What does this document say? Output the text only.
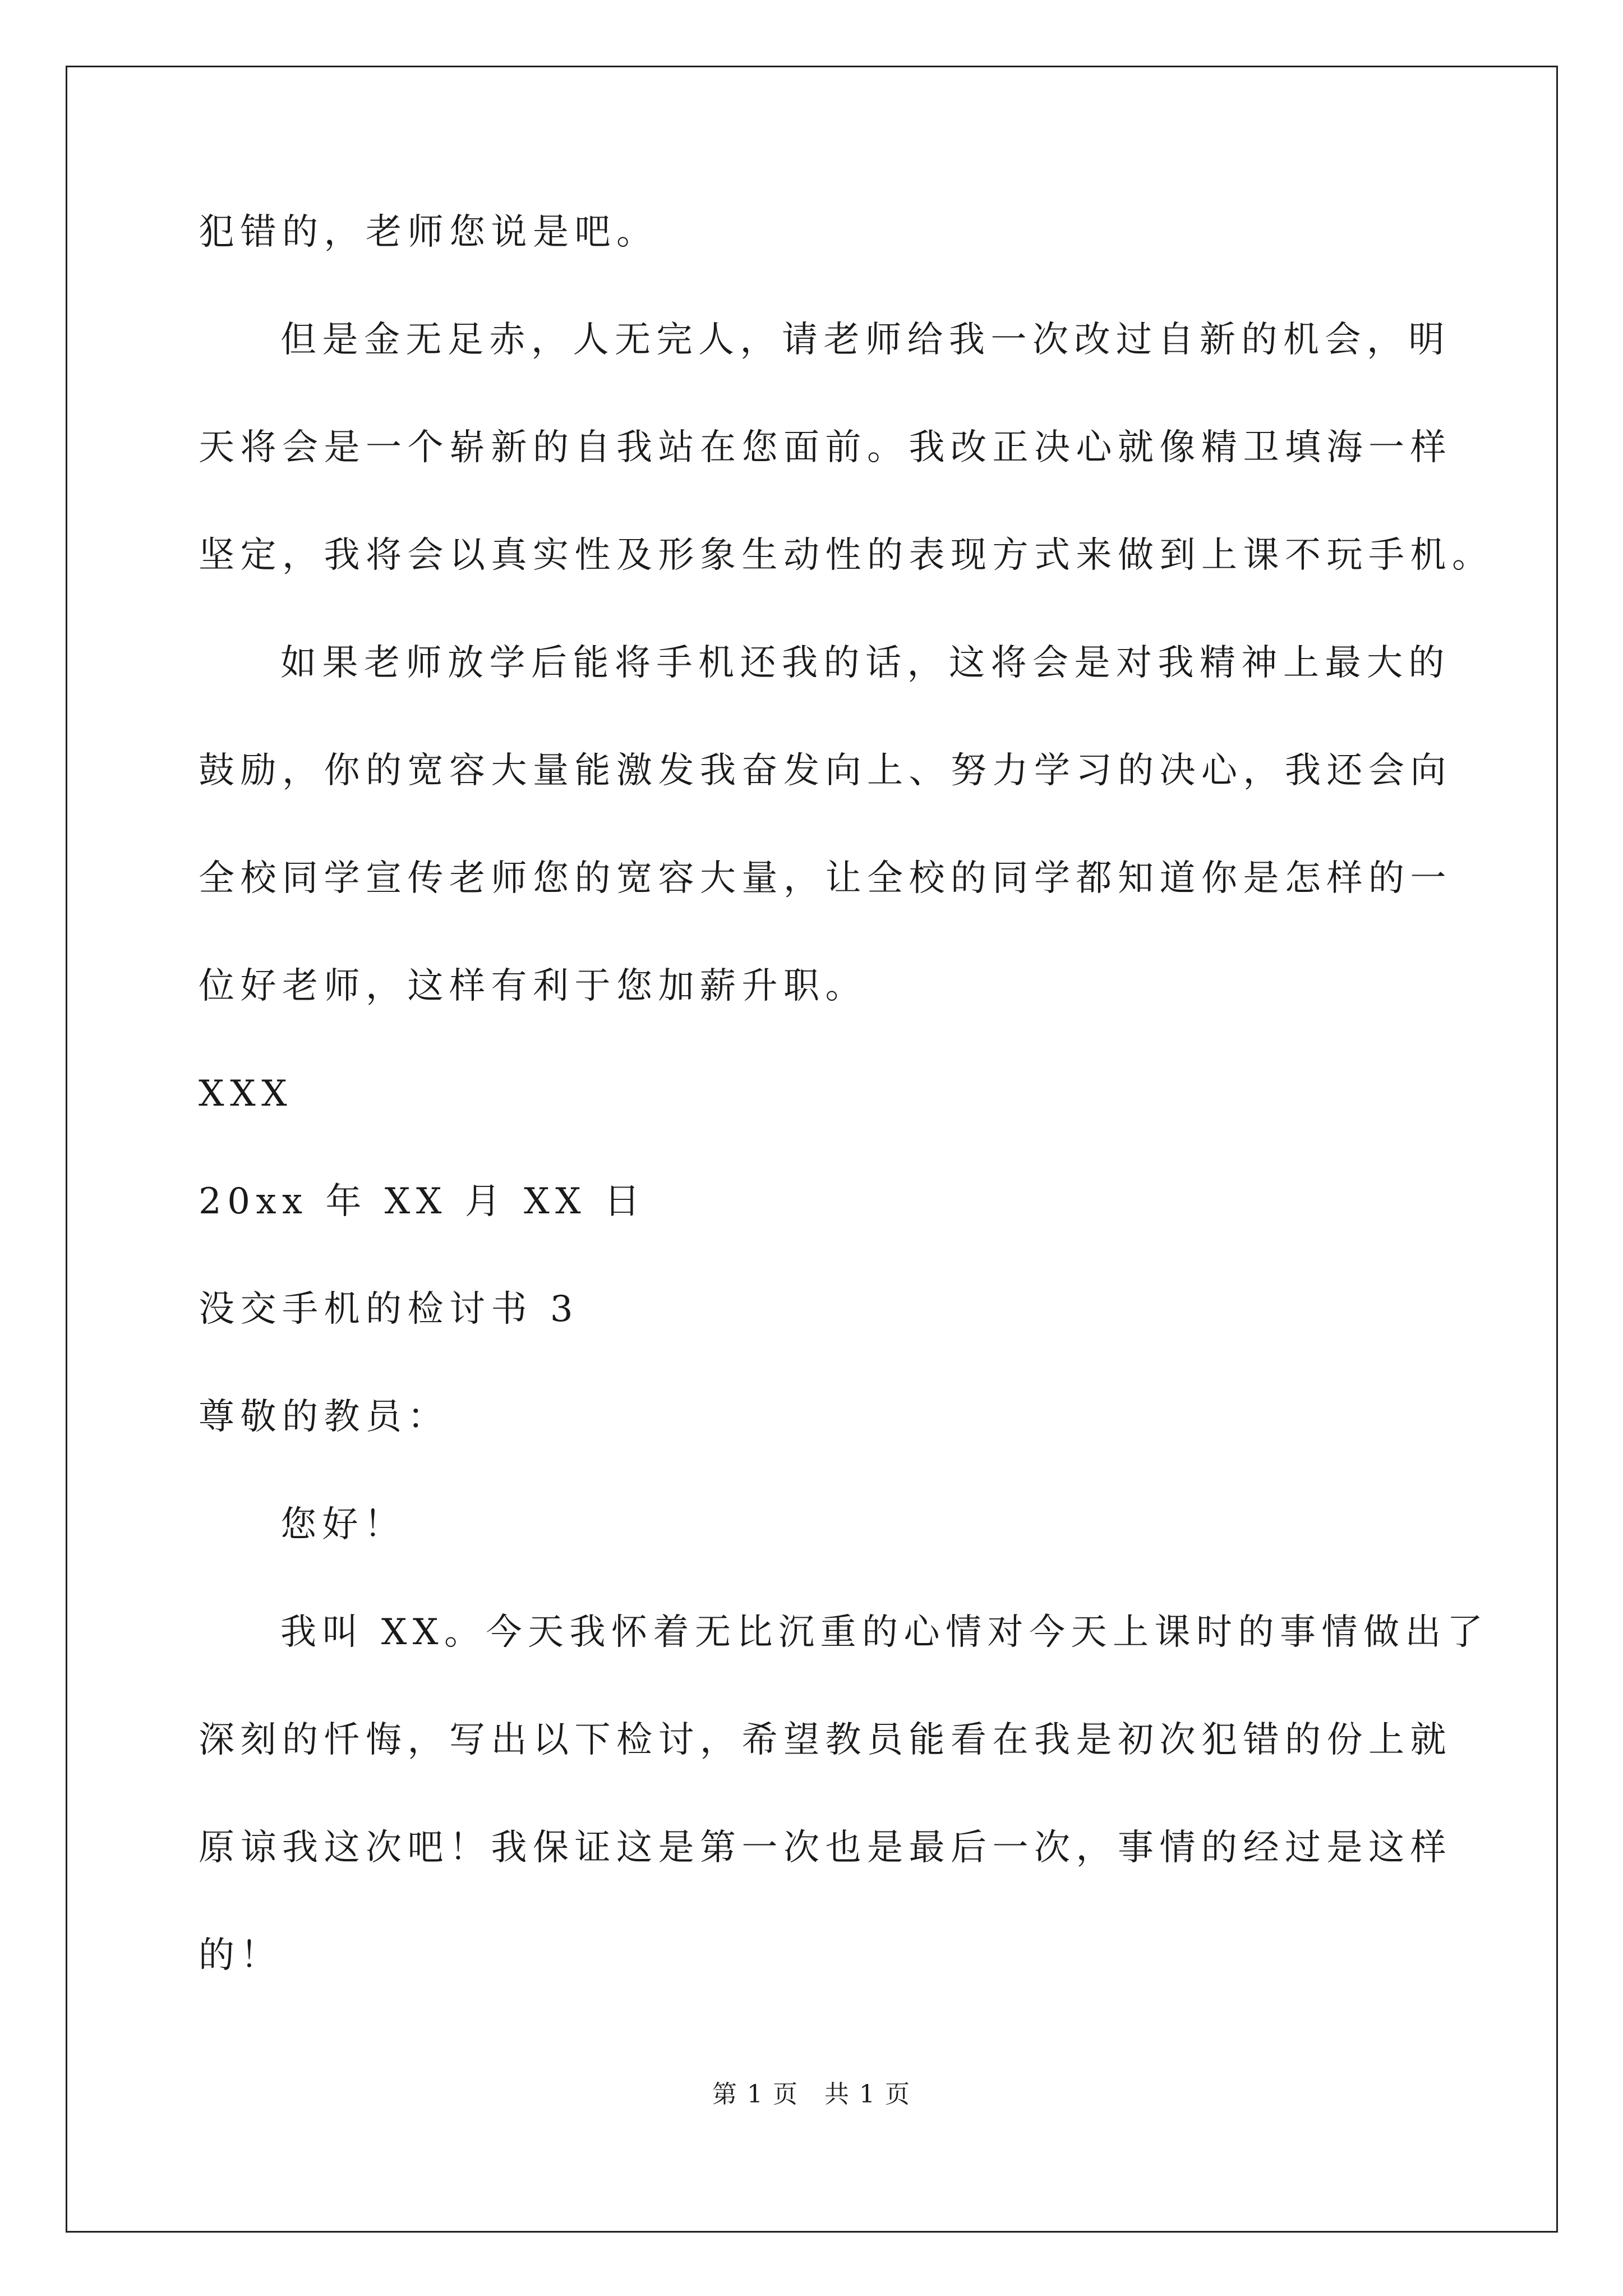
犯错的，老师您说是吧。
但是金无足赤，人无完人，请老师给我一次改过自新的机会，明
天将会是一个崭新的自我站在您面前。我改正决心就像精卫填海一样
坚定，我将会以真实性及形象生动性的表现方式来做到上课不玩手机。
如果老师放学后能将手机还我的话，这将会是对我精神上最大的
鼓励，你的宽容大量能激发我奋发向上、努力学习的决心，我还会向
全校同学宣传老师您的宽容大量，让全校的同学都知道你是怎样的一
位好老师，这样有利于您加薪升职。
XXX
20xx 年 XX 月 XX 日
没交手机的检讨书 3
尊敬的教员：
您好！
我叫 XX。今天我怀着无比沉重的心情对今天上课时的事情做出了
深刻的忏悔，写出以下检讨，希望教员能看在我是初次犯错的份上就
原谅我这次吧！我保证这是第一次也是最后一次，事情的经过是这样
的！
第 1 页　共 1 页
